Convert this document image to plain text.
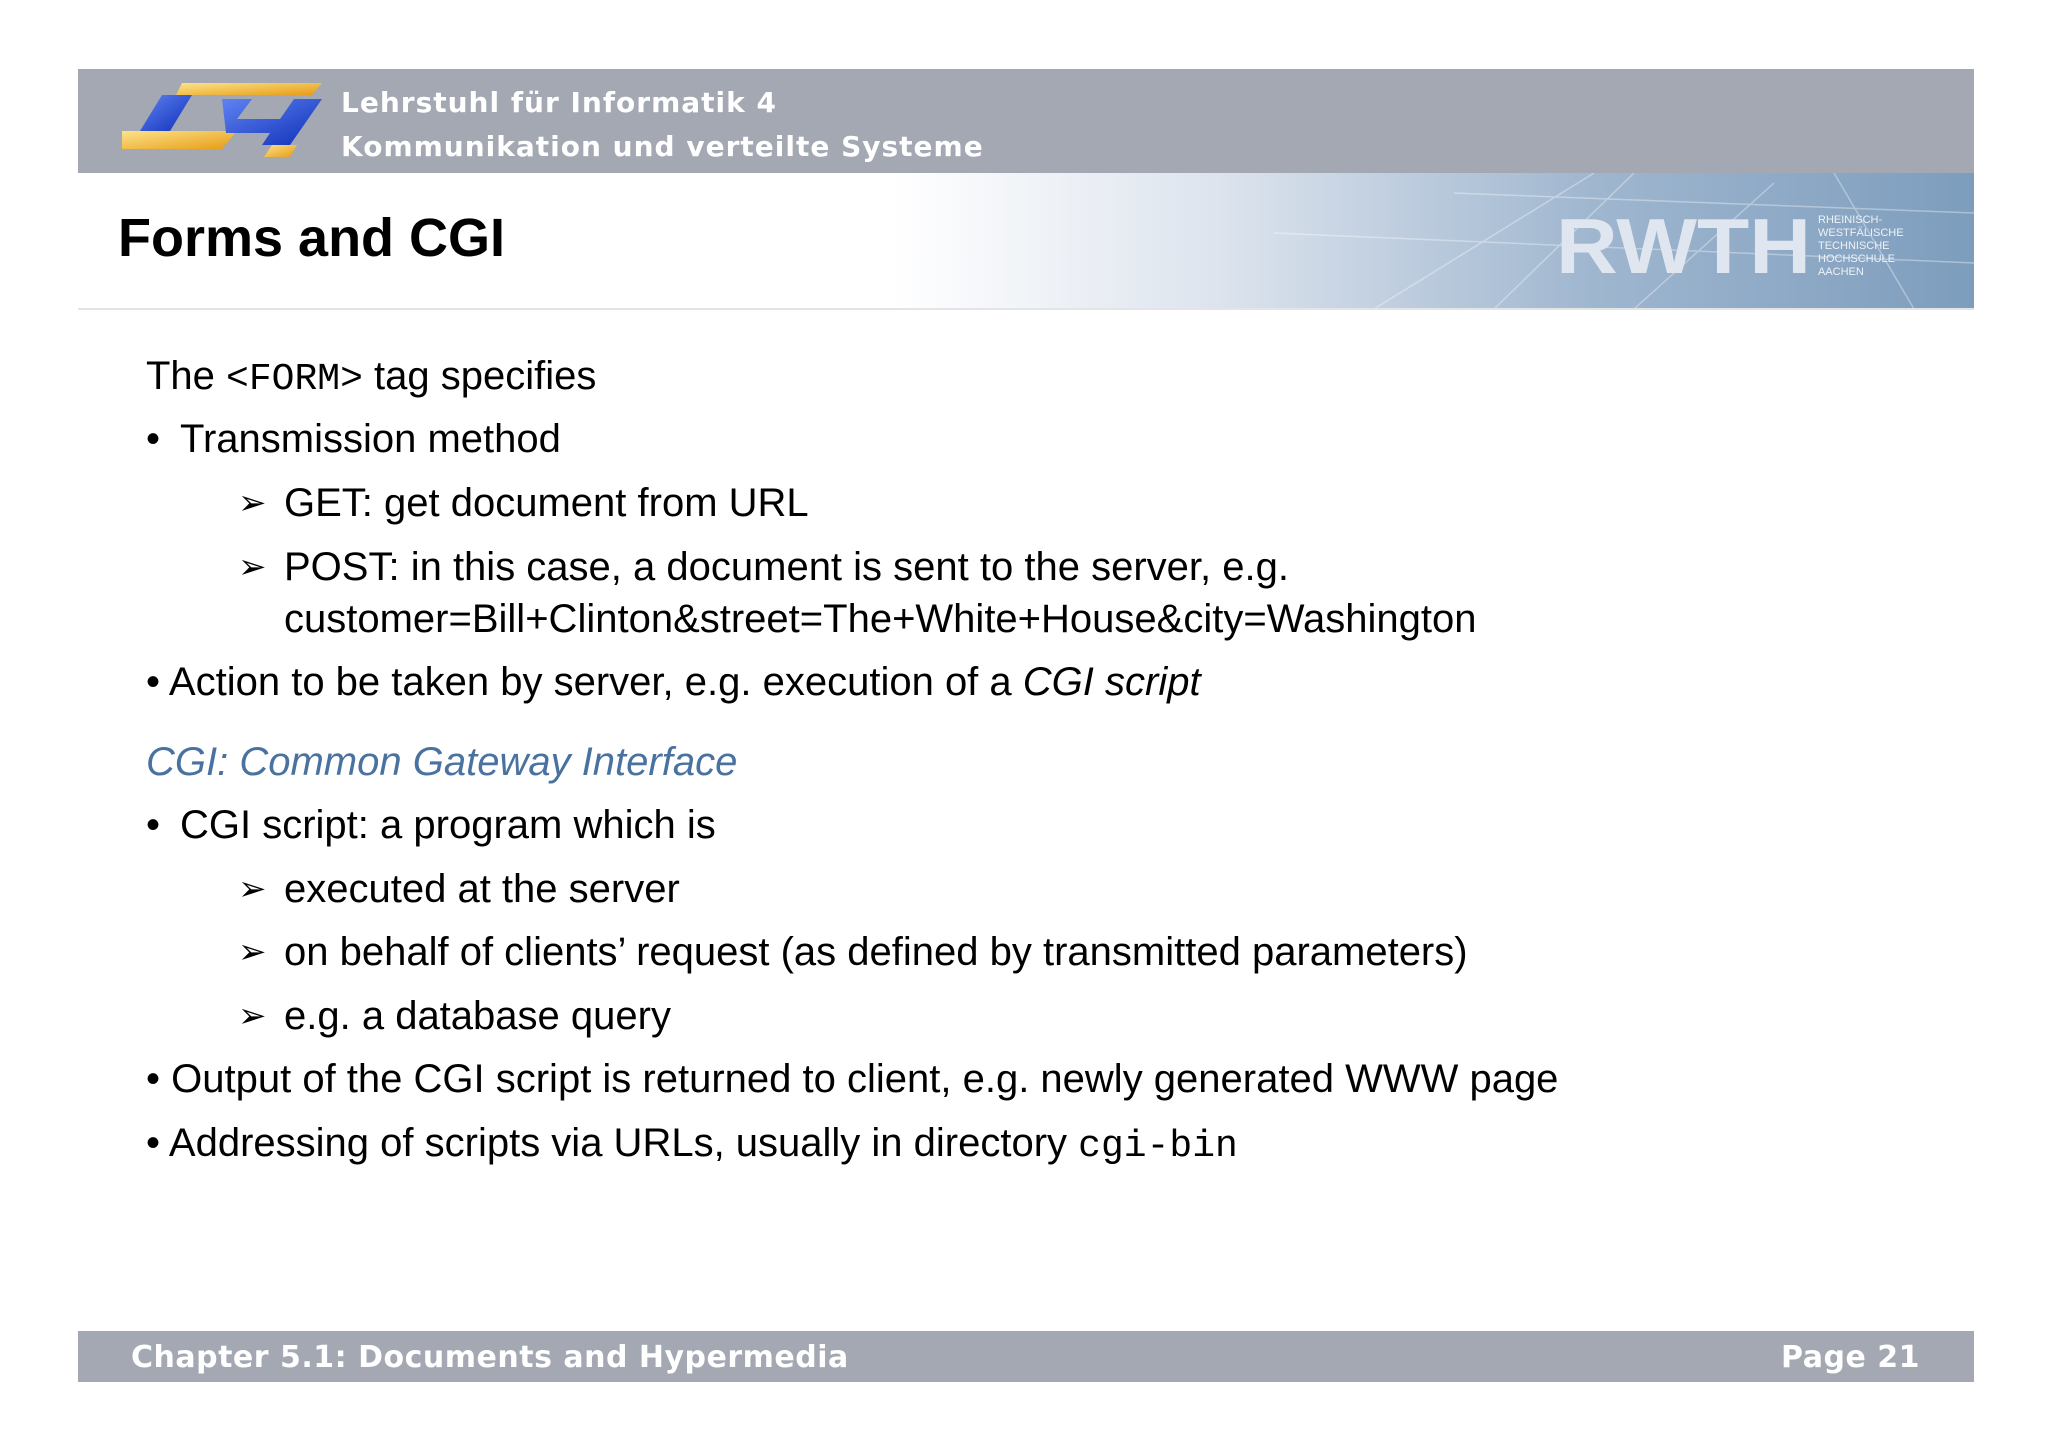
Lehrstuhl für Informatik 4
Kommunikation und verteilte Systeme
RWTH RHEINISCH-
WESTFÄLISCHE
TECHNISCHE
HOCHSCHULE
AACHEN
Forms and CGI
The <FORM> tag specifies
• Transmission method
➢ GET: get document from URL
➢ POST: in this case, a document is sent to the server, e.g.
customer=Bill+Clinton&street=The+White+House&city=Washington
• Action to be taken by server, e.g. execution of a CGI script
CGI: Common Gateway Interface
• CGI script: a program which is
➢ executed at the server
➢ on behalf of clients’ request (as defined by transmitted parameters)
➢ e.g. a database query
• Output of the CGI script is returned to client, e.g. newly generated WWW page
• Addressing of scripts via URLs, usually in directory cgi-bin
Chapter 5.1: Documents and Hypermedia	Page 21
